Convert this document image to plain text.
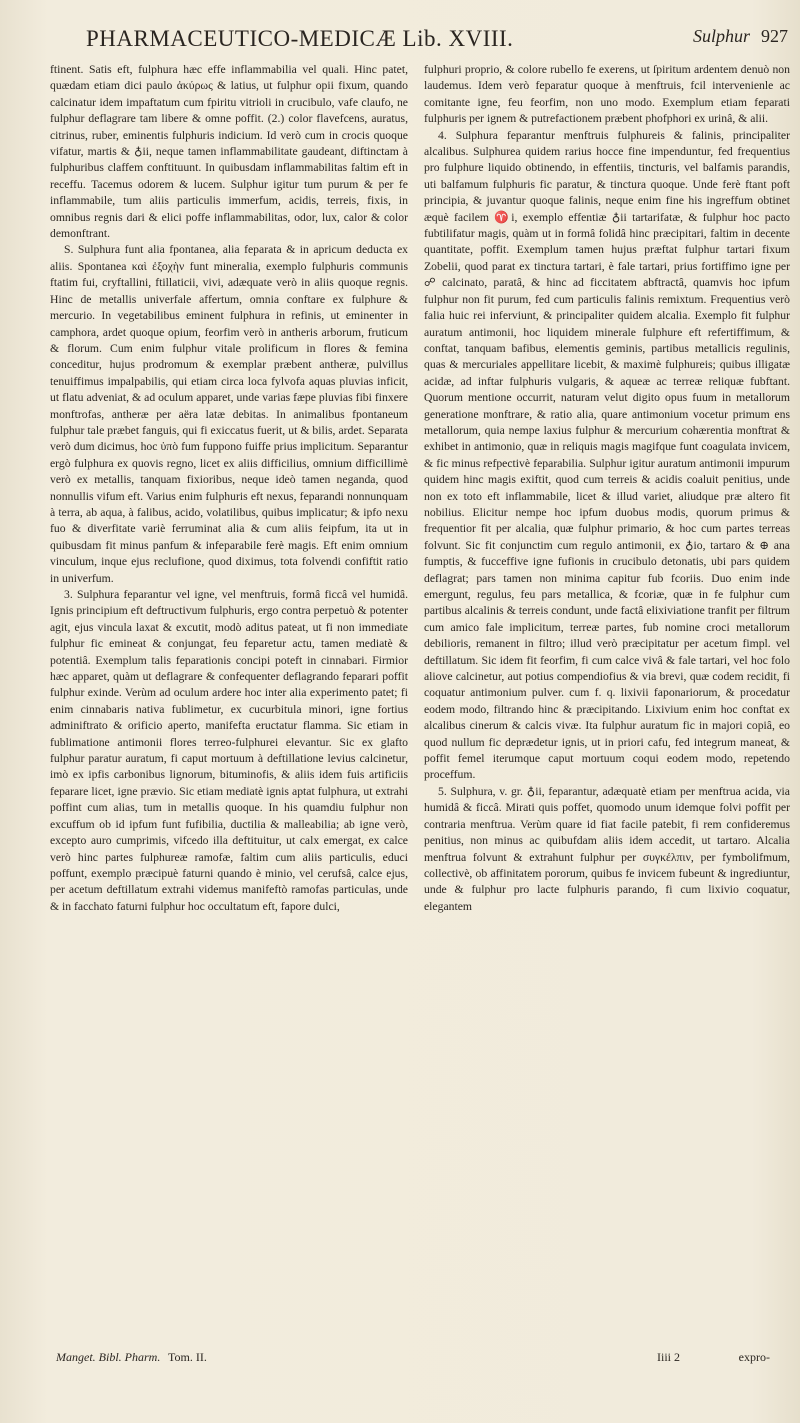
PHARMACEUTICO-MEDICÆ Lib. XVIII.	Sulphur 927

ftinent. Satis eft, fulphura hæc effe inflammabilia vel quali. Hinc patet, quædam etiam dici paulo ἀκύρως & latius, ut fulphur opii fixum, quando calcinatur idem impaftatum cum fpiritu vitrioli in crucibulo, vafe claufo, ne fulphur deflagrare tam libere & omne poffit. (2.) color flavefcens, auratus, citrinus, ruber, eminentis fulphuris indicium. Id verò cum in crocis quoque vifatur, martis & ♁ii, neque tamen inflammabilitate gaudeant, diftinctam à fulphuribus claffem conftituunt. In quibusdam inflammabilitas faltim eft in receffu. Tacemus odorem & lucem. Sulphur igitur tum purum & per fe inflammabile, tum aliis particulis immerfum, acidis, terreis, fixis, in omnibus regnis dari & elici poffe inflammabilitas, odor, lux, calor & color demonftrant.

S. Sulphura funt alia fpontanea, alia feparata & in apricum deducta ex aliis. Spontanea καὶ ἐξοχὴν funt mineralia, exemplo fulphuris communis ftatim fui, cryftallini, ftillaticii, vivi, adæquate verò in aliis quoque regnis. Hinc de metallis univerfale affertum, omnia conftare ex fulphure & mercurio. In vegetabilibus eminent fulphura in refinis, ut eminenter in camphora, ardet quoque opium, feorfim verò in antheris arborum, fruticum & florum. Cum enim fulphur vitale prolificum in flores & femina conceditur, hujus prodromum & exemplar præbent antheræ, pulvillus tenuiffimus impalpabilis, qui etiam circa loca fylvofa aquas pluvias inficit, ut flatu adveniat, & ad oculum apparet, unde varias fæpe pluvias fibi finxere monftrofas, antheræ per aëra latæ debitas. In animalibus fpontaneum fulphur tale præbet fanguis, qui fi exiccatus fuerit, ut & bilis, ardet. Separata verò dum dicimus, hoc ὑπὸ fum fuppono fuiffe prius implicitum. Separantur ergò fulphura ex quovis regno, licet ex aliis difficilius, omnium difficillimè verò ex metallis, tanquam fixioribus, neque ideò tamen neganda, quod nonnullis vifum eft. Varius enim fulphuris eft nexus, feparandi nonnunquam à terra, ab aqua, à falibus, acido, volatilibus, quibus implicatur; & ipfo nexu fuo & diverfitate variè ferruminat alia & cum aliis feipfum, ita ut in quibusdam fit minus panfum & infeparabile ferè magis. Eft enim omnium vinculum, inque ejus reclufione, quod diximus, tota folvendi confiftit ratio in univerfum.

3. Sulphura feparantur vel igne, vel menftruis, formâ ficcâ vel humidâ. Ignis principium eft deftructivum fulphuris, ergo contra perpetuò & potenter agit, ejus vincula laxat & excutit, modò aditus pateat, ut fi non immediate fulphur fic emineat & conjungat, feu feparetur actu, tamen mediatè & potentiâ. Exemplum talis feparationis concipi poteft in cinnabari. Firmior hæc apparet, quàm ut deflagrare & confequenter deflagrando feparari poffit fulphur exinde. Verùm ad oculum ardere hoc inter alia experimento patet; fi enim cinnabaris nativa fublimetur, ex cucurbitula minori, igne fortius adminiftrato & orificio aperto, manifefta eructatur flamma. Sic etiam in fublimatione antimonii flores terreo-fulphurei elevantur. Sic ex glafto fulphur paratur auratum, fi caput mortuum à deftillatione levius calcinetur, imò ex ipfis carbonibus lignorum, bituminofis, & aliis idem fuis artificiis feparare licet, igne prævio. Sic etiam mediatè ignis aptat fulphura, ut extrahi poffint cum alias, tum in metallis quoque. In his quamdiu fulphur non excuffum ob id ipfum funt fufibilia, ductilia & malleabilia; ab igne verò, excepto auro cumprimis, vifcedo illa deftituitur, ut calx emergat, ex calce verò hinc partes fulphureæ ramofæ, faltim cum aliis particulis, educi poffunt, exemplo præcipuè faturni quando è minio, vel cerufsâ, calce ejus, per acetum deftillatum extrahi videmus manifeftò ramofas particulas, unde & in facchato faturni fulphur hoc occultatum eft, fapore dulci,

fulphuri proprio, & colore rubello fe exerens, ut ſpiritum ardentem denuò non laudemus. Idem verò feparatur quoque à menftruis, fcil intervenienle ac comitante igne, feu feorfim, non uno modo. Exemplum etiam feparati fulphuris per ignem & putrefactionem præbent phofphori ex urinâ, & alii.

4. Sulphura feparantur menftruis fulphureis & falinis, principaliter alcalibus. Sulphurea quidem rarius hocce fine impenduntur, fed frequentius pro fulphure liquido obtinendo, in effentiis, tincturis, vel balfamis parandis, uti balfamum fulphuris fic paratur, & tinctura quoque. Unde ferè ftant poft principia, & juvantur quoque falinis, neque enim fine his ingreffum obtinet æquè facilem ♈i, exemplo effentiæ ♁ii tartarifatæ, & fulphur hoc pacto fubtilifatur magis, quàm ut in formâ folidâ hinc præcipitari, faltim in decente quantitate, poffit. Exemplum tamen hujus præftat fulphur tartari fixum Zobelii, quod parat ex tinctura tartari, è fale tartari, prius fortiffimo igne per ☍ calcinato, paratâ, & hinc ad ficcitatem abftractâ, quamvis hoc ipfum fulphur non fit purum, fed cum particulis falinis remixtum. Frequentius verò falia huic rei inferviunt, & principaliter quidem alcalia. Exemplo fit fulphur auratum antimonii, hoc liquidem minerale fulphure eft refertiffimum, & conftat, tanquam bafibus, elementis geminis, partibus metallicis regulinis, quas & mercuriales appellitare licebit, & maximè fulphureis; quibus illigatæ acidæ, ad inftar fulphuris vulgaris, & aqueæ ac terreæ reliquæ fubftant. Quorum mentione occurrit, naturam velut digito opus fuum in metallorum generatione monftrare, & ratio alia, quare antimonium vocetur primum ens metallorum, quia nempe laxius fulphur & mercurium cohærentia monftrat & exhibet in antimonio, quæ in reliquis magis magifque funt coagulata invicem, & fic minus refpectivè feparabilia. Sulphur igitur auratum antimonii impurum quidem hinc magis exiftit, quod cum terreis & acidis coaluit penitius, unde non ex toto eft inflammabile, licet & illud variet, aliudque præ altero fit nobilius. Elicitur nempe hoc ipfum duobus modis, quorum primus & frequentior fit per alcalia, quæ fulphur primario, & hoc cum partes terreas folvunt. Sic fit conjunctim cum regulo antimonii, ex ♁io, tartaro & ⊕ ana fumptis, & fucceffive igne fufionis in crucibulo detonatis, ubi pars quidem deflagrat; pars tamen non minima capitur fub fcoriis. Duo enim inde emergunt, regulus, feu pars metallica, & fcoriæ, quæ in fe fulphur cum partibus alcalinis & terreis condunt, unde factâ elixiviatione tranfit per filtrum cum amico fale implicitum, terreæ partes, fub nomine croci metallorum debilioris, remanent in filtro; illud verò præcipitatur per acetum fimpl. vel deftillatum. Sic idem fit feorfim, fi cum calce vivâ & fale tartari, vel hoc folo aliove calcinetur, aut potius compendiofius & via brevi, quæ codem recidit, fi coquatur antimonium pulver. cum f. q. lixivii faponariorum, & procedatur eodem modo, filtrando hinc & præcipitando. Lixivium enim hoc conftat ex alcalibus cinerum & calcis vivæ. Ita fulphur auratum fic in majori copiâ, eo quod nullum fic deprædetur ignis, ut in priori cafu, fed integrum maneat, & poffit femel iterumque caput mortuum coqui eodem modo, repetendo proceffum.

5. Sulphura, v. gr. ♁ii, feparantur, adæquatè etiam per menftrua acida, via humidâ & ficcâ. Mirati quis poffet, quomodo unum idemque folvi poffit per contraria menftrua. Verùm quare id fiat facile patebit, fi rem confideremus penitius, non minus ac quibufdam aliis idem accedit, ut tartaro. Alcalia menftrua folvunt & extrahunt fulphur per συγκέλπιν, per fymbolifmum, collectivè, ob affinitatem pororum, quibus fe invicem fubeunt & ingrediuntur, unde & fulphur pro lacte fulphuris parando, fi cum lixivio coquatur, elegantem

Manget. Bibl. Pharm. Tom. II.	Iiii 2	expro-
